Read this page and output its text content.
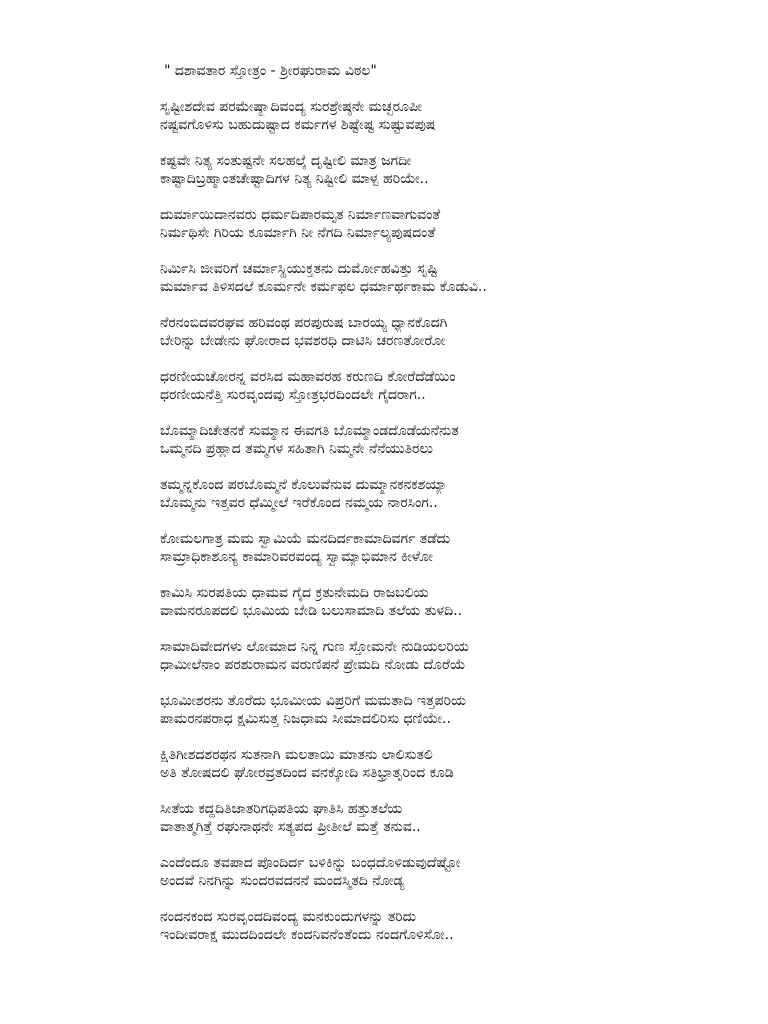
" ದಶಾವತಾರ ಸ್ತೋತ್ರಂ - ಶ್ರೀರಘುರಾಮ ವಿಠಲ"
ಸೃಷ್ಟೀಶದೇವ ಪರಮೇಷ್ಠ್ಯಾದಿವಂದ್ಯ ಸುರಶ್ರೇಷ್ಠನೇ ಮಚ್ಛರೂಪೀ
ನಷ್ಟವಗೊಳಿಸು ಬಹುದುಷ್ಟಾದ ಕರ್ಮಗಳ ಶಿಷ್ಟೇಷ್ಟ ಸುಷ್ಟುವಪುಷ
ಕಷ್ಟವೇ ನಿತ್ಯ ಸಂತುಷ್ಟನೇ ಸಲಹಲ್ಕೆ ದೃಷ್ಟೀಲಿ ಮಾತ್ರ ಜಗದೀ
ಕಾಷ್ಟಾದಿಬ್ರಹ್ಮಾಂತಚೇಷ್ಟಾದಿಗಳ ನಿತ್ಯ ನಿಷ್ಟೀಲಿ ಮಾಳ್ಪ ಹರಿಯೇ..
ದುರ್ಮಾಯಿದಾನವರು ಧರ್ಮದಿಪಾರಮೃತ ನಿರ್ಮಾಣವಾಗುವಂತೆ
ನಿರ್ಮಥಿಸೇ ಗಿರಿಯ ಕೂರ್ಮಾಗಿ ನೀ ನೆಗದಿ ನಿರ್ಮಾಲ್ಯಪುಷದಂತೆ
ನಿರ್ಮಿಸಿ ಜೀವರಿಗೆ ಚರ್ಮಾಸ್ಥಿಯುಕ್ತತನು ದುರ್ಮೋಹವಿತ್ತು ಸೃಷ್ಟಿ
ಮರ್ಮಾವ ತಿಳಿಸದಲೆ ಕೂರ್ಮನೇ ಕರ್ಮಫಲ ಧರ್ಮಾರ್ಥಕಾಮ ಕೊಡುವಿ..
ನೆರನಂಬಿದವರಘವ ಹರಿವಂಥ ಪರಪುರುಷ ಬಾರಯ್ಯ ಧ್ಯಾನಕೊದಗಿ
ಬೇರಿನ್ನು ಬೇಡೇನು ಘೋರಾದ ಭವಶರಧಿ ದಾಟಿಸಿ ಚರಣತೋರೋ
ಧರಣೀಯಚೋರನ್ನ ವರಸಿದ ಮಹಾವರಹ ಕರುಣದಿ ಕೋರೆದೆಡೆಯಿಂ
ಧರಣೀಯನೆತ್ತಿ ಸುರವೃಂದವು ಸ್ತೋತ್ರಭರದಿಂದಲೇ ಗೈದರಾಗ..
ಬೊಮ್ಮಾದಿಚೇತನಕೆ ಸುಮ್ಮಾನ ಈವಗತಿ ಬೊಮ್ಮಾಂಡದೊಡೆಯನೆನುತ
ಒಮ್ಮನದಿ ಪ್ರಹ್ಲಾದ ತಮ್ಮಗಳ ಸಹಿತಾಗಿ ನಿಮ್ಮನೇ ನೆನೆಯುತಿರಲು
ತಮ್ಮನ್ನಕೊಂದ ಪರಬೊಮ್ಮನೆ ಕೊಲುವೆನುವ ದುಮ್ಮಾನಕನಕಶಯ್ಯಾ
ಬೊಮ್ಮನು ಇತ್ತವರ ಧೆಮ್ಮೀಲೆ ಇರೆಕೊಂದ ನಮ್ಮಯ ನಾರಸಿಂಗ..
ಕೋಮಲಗಾತ್ರ ಮಮ ಸ್ವಾಮಿಯೆ ಮನದಿರ್ದಕಾಮಾದಿವರ್ಗ ತಡೆದು
ಸಾಮ್ರಾಧಿಕಾಶೂನ್ಯ ಕಾಮಾರಿವರವಂದ್ಯ ಸ್ವಾಮ್ಯಾಭಿಮಾನ ಕೀಳೋ
ಕಾಮಿಸಿ ಸುರಪತಿಯ ಧಾಮವ ಗೈದ ಕ್ರತುನೇಮದಿ ರಾಜಬಲಿಯ
ವಾಮನರೂಪದಲಿ ಭೂಮಿಯ ಬೇಡಿ ಬಲುಸಾಮಾದಿ ತಲೆಯ ತುಳದಿ..
ಸಾಮಾದಿವೇದಗಳು ಲೋಮಾದ ನಿನ್ನ ಗುಣ ಸ್ತೋಮನೇ ನುಡಿಯಲರಿಯ
ಧಾಮೀಲೆನಾಂ ಪರಶುರಾಮನ ವರುಣಿಪನೆ ಪ್ರೇಮದಿ ನೋಡು ದೊರೆಯೆ
ಭೂಮೀಶರನು ತೊರೆದು ಭೂಮೀಯ ವಿಪ್ರರಿಗೆ ಮಮತಾದಿ ಇತ್ತಪರಿಯ
ಪಾಮರನಪರಾಧ ಕ್ಷಮಿಸುತ್ತ ನಿಜಧಾಮ ಸೀಮಾದಲಿರಿಸು ಧಣಿಯೇ..
ಕ್ಷಿತಿಗೀಶದಶರಥನ ಸುತನಾಗಿ ಮಲತಾಯಿ ಮಾತನು ಲಾಲಿಸುತಲಿ
ಅತಿ ತೋಷದಲಿ ಘೋರವ್ರತದಿಂದ ವನಕ್ಕೋದಿ ಸತಿಭ್ರಾತೃರಿಂದ ಕೂಡಿ
ಸೀತೆಯ ಕದ್ದದಿತಿಜಾತರಿಗಧಿಪತಿಯ ಘಾತಿಸಿ ಹತ್ತುತಲೆಯ
ವಾತಾತ್ಮಗಿತ್ತೆ ರಘುನಾಥನೇ ಸತ್ಯಪದ ಪ್ರೀತೀಲೆ ಮತ್ತೆ ತನುವ..
ಎಂದೆಂದೂ ತವಪಾದ ಪೊಂದಿರ್ದ ಬಳಿಕಿನ್ನು ಬಂಧದೊಳಿಡುವುದೆಷ್ಟೋ
ಅಂದವೆ ನಿನಗಿನ್ನು ಸುಂದರವದನನೆ ಮಂದಸ್ಮಿತದಿ ನೋಡ್ಯ
ನಂದನಕಂದ ಸುರವೃಂದದಿವಂದ್ಯ ಮನಕುಂದುಗಳನ್ನು ತರಿದು
ಇಂದೀವರಾಕ್ಷ ಮುದದಿಂದಲೇ ಕಂದನಿವನೆಂತೆಂದು ನಂದಗೊಳಿಸೋ..
